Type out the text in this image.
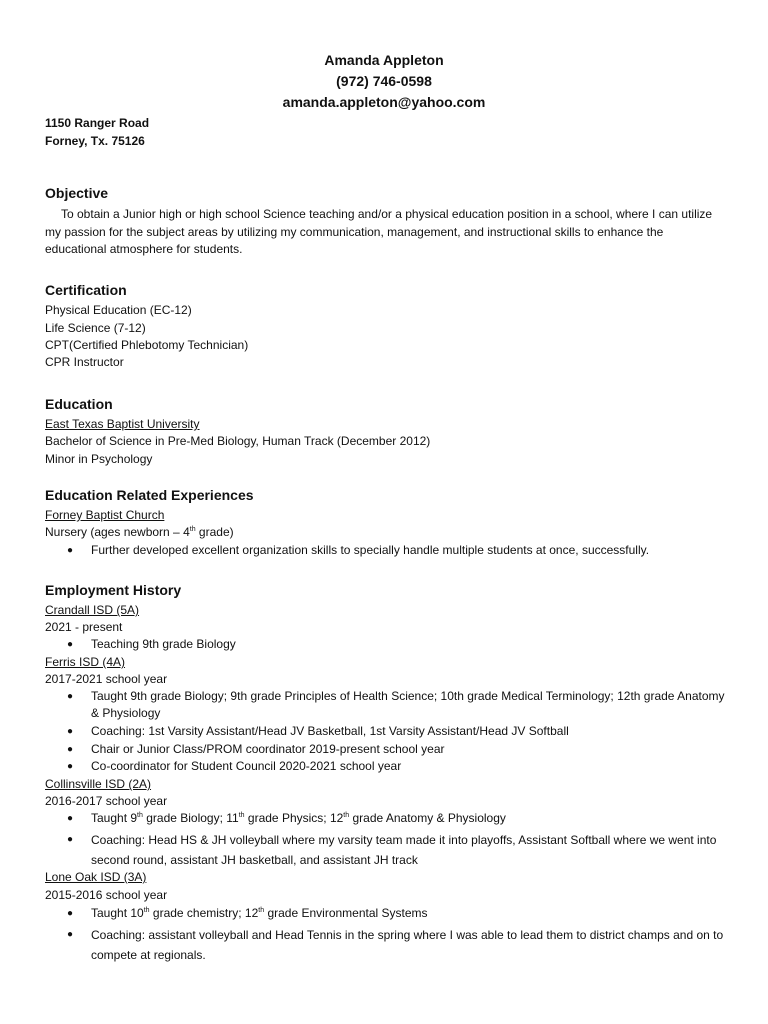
Amanda Appleton
(972) 746-0598
amanda.appleton@yahoo.com
1150 Ranger Road
Forney, Tx. 75126
Objective
To obtain a Junior high or high school Science teaching and/or a physical education position in a school, where I can utilize my passion for the subject areas by utilizing my communication, management, and instructional skills to enhance the educational atmosphere for students.
Certification
Physical Education (EC-12)
Life Science (7-12)
CPT(Certified Phlebotomy Technician)
CPR Instructor
Education
East Texas Baptist University
Bachelor of Science in Pre-Med Biology, Human Track (December 2012)
Minor in Psychology
Education Related Experiences
Forney Baptist Church
Nursery (ages newborn – 4th grade)
● Further developed excellent organization skills to specially handle multiple students at once, successfully.
Employment History
Crandall ISD (5A)
2021 - present
● Teaching 9th grade Biology
Ferris ISD (4A)
2017-2021 school year
● Taught 9th grade Biology; 9th grade Principles of Health Science; 10th grade Medical Terminology; 12th grade Anatomy & Physiology
● Coaching: 1st Varsity Assistant/Head JV Basketball, 1st Varsity Assistant/Head JV Softball
● Chair or Junior Class/PROM coordinator 2019-present school year
● Co-coordinator for Student Council 2020-2021 school year
Collinsville ISD (2A)
2016-2017 school year
● Taught 9th grade Biology; 11th grade Physics; 12th grade Anatomy & Physiology
● Coaching: Head HS & JH volleyball where my varsity team made it into playoffs, Assistant Softball where we went into second round, assistant JH basketball, and assistant JH track
Lone Oak ISD (3A)
2015-2016 school year
● Taught 10th grade chemistry; 12th grade Environmental Systems
● Coaching: assistant volleyball and Head Tennis in the spring where I was able to lead them to district champs and on to compete at regionals.
